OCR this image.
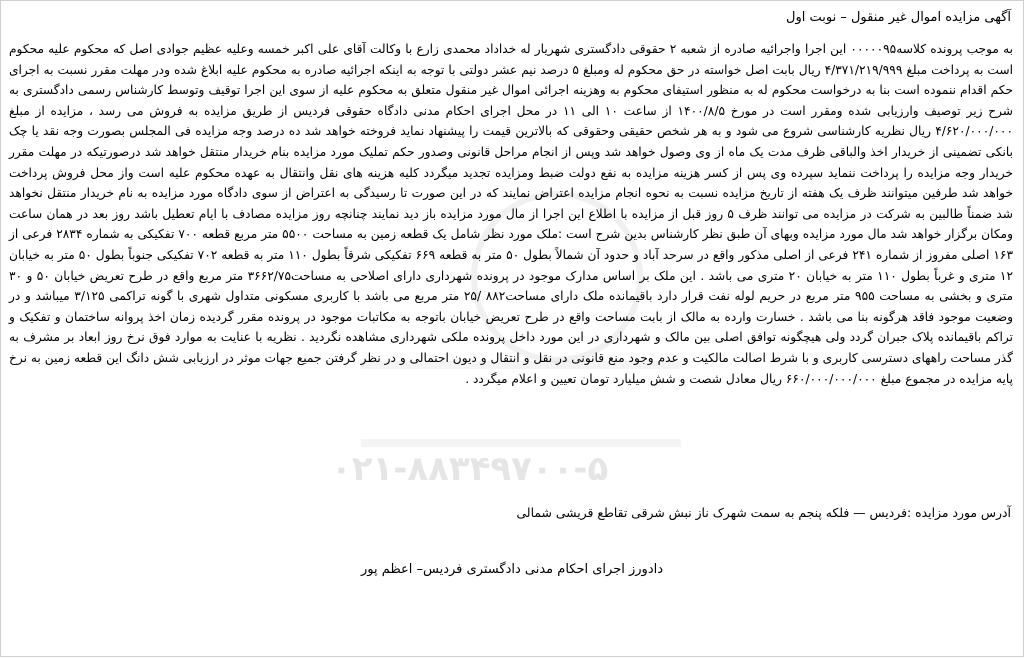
۰۲۱-۸۸۳۴۹۷۰۰-۵
آگهی مزایده اموال غیر منقول – نوبت اول

به موجب پرونده کلاسه۰۰۰۰۰۹۵ این اجرا واجرائیه صادره از شعبه ۲ حقوقی دادگستری شهریار له خداداد محمدی زارع با وکالت آقای علی اکبر خمسه وعلیه عظیم جوادی اصل که محکوم علیه محکوم است به پرداخت مبلغ ۴/۳۷۱/۲۱۹/۹۹۹ ریال بابت اصل خواسته در حق محکوم له ومبلغ ۵ درصد نیم عشر دولتی با توجه به اینکه اجرائیه صادره به محکوم علیه ابلاغ شده ودر مهلت مقرر نسبت به اجرای حکم اقدام ننموده است بنا به درخواست محکوم له به منظور استیفای محکوم به وهزینه اجرائی اموال غیر منقول متعلق به محکوم علیه از سوی این اجرا توقیف وتوسط کارشناس رسمی دادگستری به شرح زیر توصیف وارزیابی شده ومقرر است در مورخ ۱۴۰۰/۸/۵ از ساعت ۱۰ الی ۱۱ در محل اجرای احکام مدنی دادگاه حقوقی فردیس از طریق مزایده به فروش می رسد ، مزایده از مبلغ ۴/۶۲۰/۰۰۰/۰۰۰ ریال نظریه کارشناسی شروع می شود و به هر شخص حقیقی وحقوقی که بالاترین قیمت را پیشنهاد نماید فروخته خواهد شد ده درصد وجه مزایده فی المجلس بصورت وجه نقد یا چک بانکی تضمینی از خریدار اخذ والباقی ظرف مدت یک ماه از وی وصول خواهد شد وپس از انجام مراحل قانونی وصدور حکم تملیک مورد مزایده بنام خریدار منتقل خواهد شد درصورتیکه در مهلت مقرر خریدار وجه مزایده را پرداخت ننماید سپرده وی پس از کسر هزینه مزایده به نفع دولت ضبط ومزایده تجدید میگردد کلیه هزینه های نقل وانتقال به عهده محکوم علیه است واز محل فروش پرداخت خواهد شد طرفین میتوانند ظرف یک هفته از تاریخ مزایده نسبت به نحوه انجام مزایده اعتراض نمایند که در این صورت تا رسیدگی به اعتراض از سوی دادگاه مورد مزایده به نام خریدار منتقل نخواهد شد ضمناً طالبین به شرکت در مزایده می توانند ظرف ۵ روز قبل از مزایده با اطلاع این اجرا از مال مورد مزایده باز دید نمایند چنانچه روز مزایده مصادف با ایام تعطیل باشد روز بعد در همان ساعت ومکان برگزار خواهد شد مال مورد مزایده وبهای آن طبق نظر کارشناس بدین شرح است :ملک مورد نظر شامل یک قطعه زمین به مساحت ۵۵۰۰ متر مربع قطعه ۷۰۰ تفکیکی به شماره ۲۸۳۴ فرعی از ۱۶۳ اصلی مفروز از شماره ۲۴۱ فرعی از اصلی مذکور واقع در سرحد آباد و حدود آن شمالاً بطول ۵۰ متر به قطعه ۶۶۹ تفکیکی شرقاً بطول ۱۱۰ متر به قطعه ۷۰۲ تفکیکی جنوباً بطول ۵۰ متر به خیابان ۱۲ متری و غرباً بطول ۱۱۰ متر به خیابان ۲۰ متری می باشد . این ملک بر اساس مدارک موجود در پرونده شهرداری دارای اصلاحی به مساحت۳۶۶۲/۷۵ متر مربع واقع در طرح تعریض خیابان ۵۰ و ۳۰ متری و بخشی به مساحت ۹۵۵ متر مربع در حریم لوله نفت قرار دارد باقیمانده ملک دارای مساحت۸۸۲ /۲۵ متر مربع می باشد با کاربری مسکونی متداول شهری با گونه تراکمی ۳/۱۲۵ میباشد و در وضعیت موجود فاقد هرگونه بنا می باشد . خسارت وارده به مالک از بابت مساحت واقع در طرح تعریض خیابان باتوجه به مکاتبات موجود در پرونده مقرر گردیده زمان اخذ پروانه ساختمان و تفکیک و تراکم باقیمانده پلاک جبران گردد ولی هیچگونه توافق اصلی بین مالک و شهرداری در این مورد داخل پرونده ملکی شهرداری مشاهده نگردید . نظریه با عنایت به موارد فوق نرخ روز ابعاد بر مشرف به گذر مساحت راههای دسترسی کاربری و با شرط اصالت مالکیت و عدم وجود منع قانونی در نقل و انتقال و دیون احتمالی و در نظر گرفتن جمیع جهات موثر در ارزیابی شش دانگ این قطعه زمین به نرخ پایه مزایده در مجموع مبلغ ۶۶۰/۰۰۰/۰۰۰/۰۰۰ ریال معادل شصت و شش میلیارد تومان تعیین و اعلام میگردد .

آدرس مورد مزایده :فردیس — فلکه پنجم به سمت شهرک ناز نبش شرقی تقاطع قریشی شمالی
دادورز اجرای احکام مدنی دادگستری فردیس– اعظم پور
